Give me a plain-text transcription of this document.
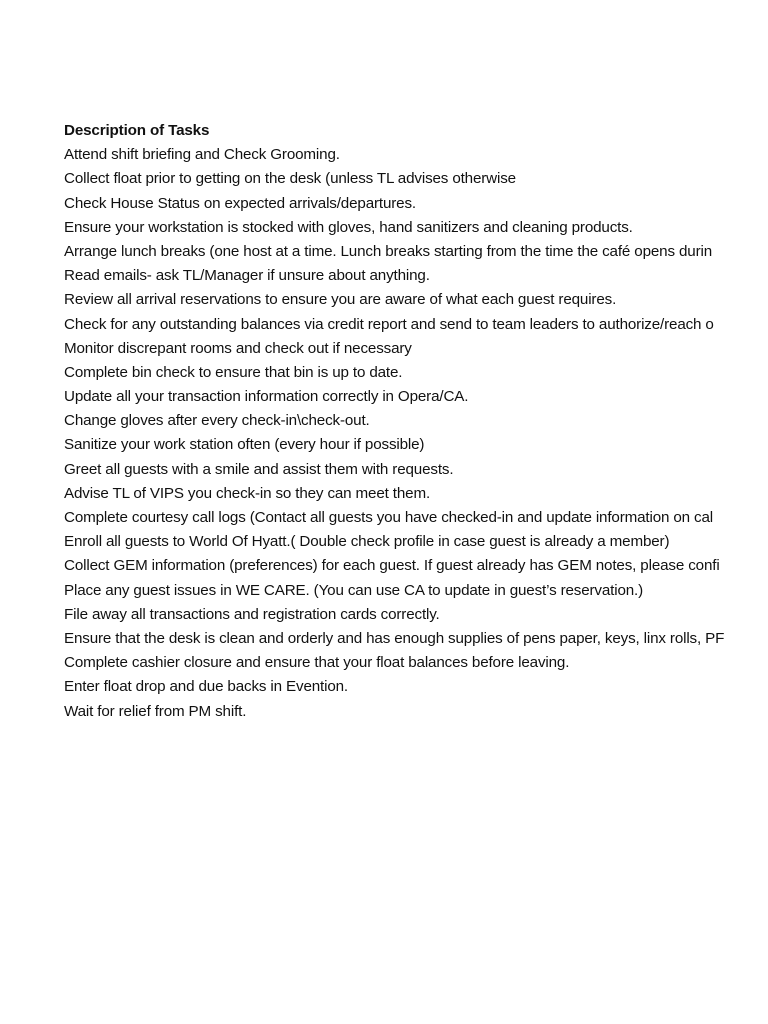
Description of Tasks
Attend shift briefing and Check Grooming.
Collect float prior to getting on the desk (unless TL advises otherwise
Check House Status on expected arrivals/departures.
Ensure your workstation is stocked with gloves, hand sanitizers and cleaning products.
Arrange lunch breaks (one host at a time. Lunch breaks starting from the time the café opens durin
Read emails- ask TL/Manager if unsure about anything.
Review all arrival reservations to ensure you are aware of what each guest requires.
Check for any outstanding balances via credit report and send to team leaders to authorize/reach o
Monitor discrepant rooms and check out if necessary
Complete bin check to ensure that bin is up to date.
Update all your transaction information correctly in Opera/CA.
Change gloves after every check-in\check-out.
Sanitize your work station often (every hour if possible)
Greet all guests with a smile and assist them with requests.
Advise TL of VIPS you check-in so they can meet them.
Complete courtesy call logs (Contact all guests you have checked-in and update information on cal
Enroll all guests to World Of Hyatt.( Double check profile in case guest is already a member)
Collect GEM information (preferences) for each guest. If guest already has GEM notes, please confi
Place any guest issues in WE CARE. (You can use CA to update in guest’s reservation.)
File away all transactions and registration cards correctly.
Ensure that the desk is clean and orderly and has enough supplies of pens paper, keys, linx rolls, PF
Complete cashier closure and ensure that your float balances before leaving.
Enter float drop and due backs in Evention.
Wait for relief from PM shift.
